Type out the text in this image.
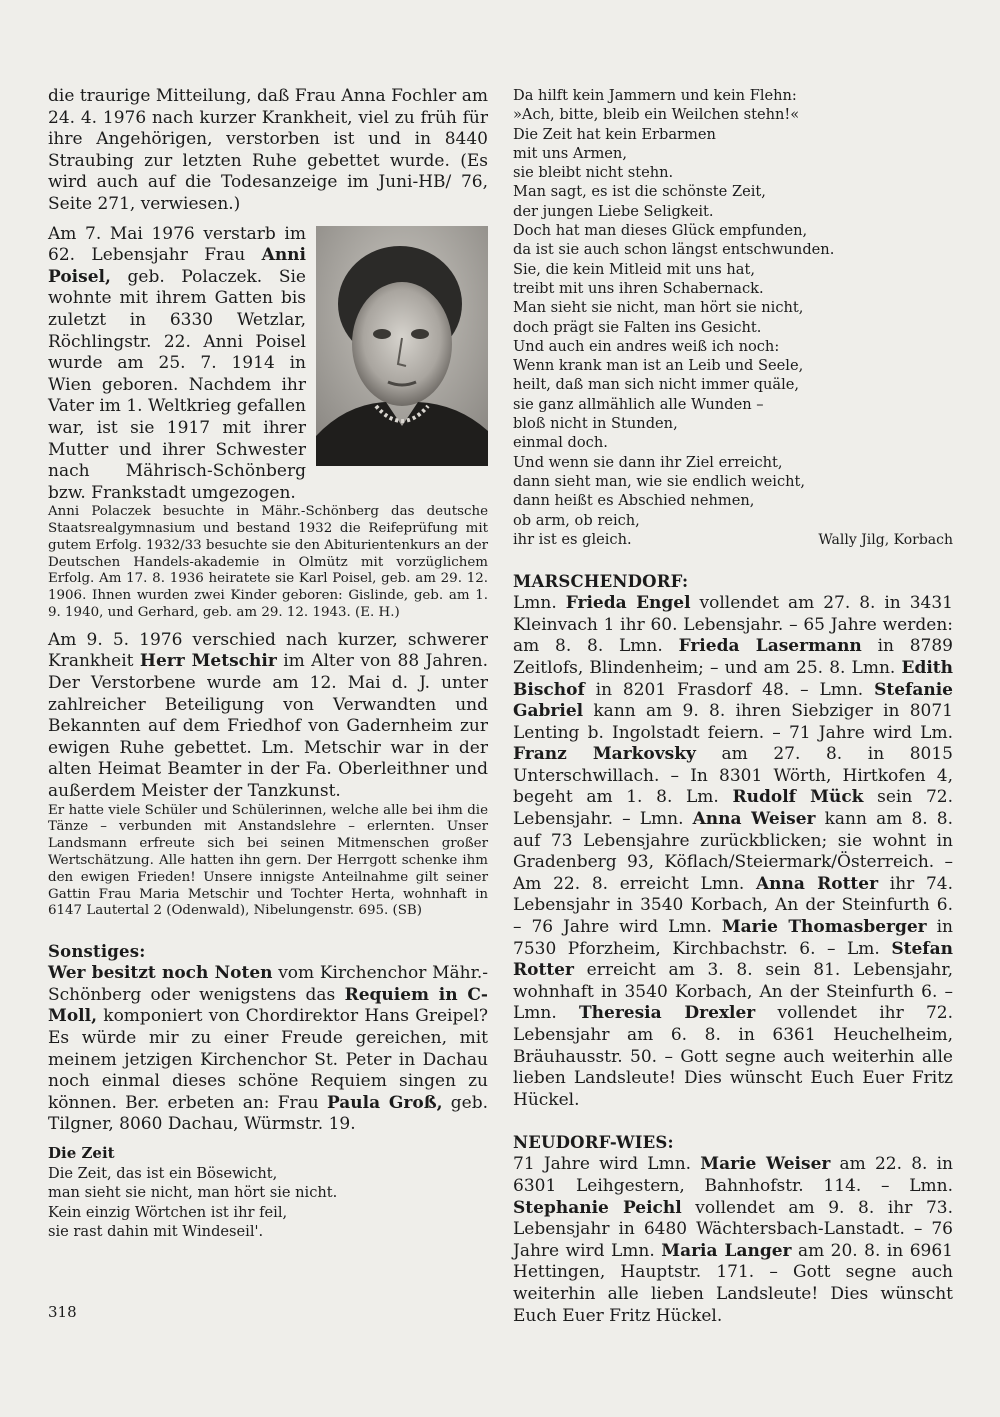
die traurige Mitteilung, daß Frau Anna Fochler am 24. 4. 1976 nach kurzer Krankheit, viel zu früh für ihre Angehörigen, verstorben ist und in 8440 Straubing zur letzten Ruhe gebettet wurde. (Es wird auch auf die Todesanzeige im Juni-HB/ 76, Seite 271, verwiesen.)

Am 7. Mai 1976 verstarb im 62. Lebensjahr Frau Anni Poisel, geb. Polaczek. Sie wohnte mit ihrem Gatten bis zuletzt in 6330 Wetzlar, Röchlingstr. 22. Anni Poisel wurde am 25. 7. 1914 in Wien geboren. Nachdem ihr Vater im 1. Weltkrieg gefallen war, ist sie 1917 mit ihrer Mutter und ihrer Schwester nach Mährisch-Schönberg bzw. Frankstadt umgezogen.

Anni Polaczek besuchte in Mähr.-Schönberg das deutsche Staatsrealgymnasium und bestand 1932 die Reifeprüfung mit gutem Erfolg. 1932/33 besuchte sie den Abiturientenkurs an der Deutschen Handels-akademie in Olmütz mit vorzüglichem Erfolg. Am 17. 8. 1936 heiratete sie Karl Poisel, geb. am 29. 12. 1906. Ihnen wurden zwei Kinder geboren: Gislinde, geb. am 1. 9. 1940, und Gerhard, geb. am 29. 12. 1943. (E. H.)

Am 9. 5. 1976 verschied nach kurzer, schwerer Krankheit Herr Metschir im Alter von 88 Jahren. Der Verstorbene wurde am 12. Mai d. J. unter zahlreicher Beteiligung von Verwandten und Bekannten auf dem Friedhof von Gadernheim zur ewigen Ruhe gebettet. Lm. Metschir war in der alten Heimat Beamter in der Fa. Oberleithner und außerdem Meister der Tanzkunst.

Er hatte viele Schüler und Schülerinnen, welche alle bei ihm die Tänze – verbunden mit Anstandslehre – erlernten. Unser Landsmann erfreute sich bei seinen Mitmenschen großer Wertschätzung. Alle hatten ihn gern. Der Herrgott schenke ihm den ewigen Frieden! Unsere innigste Anteilnahme gilt seiner Gattin Frau Maria Metschir und Tochter Herta, wohnhaft in 6147 Lautertal 2 (Odenwald), Nibelungenstr. 695. (SB)

Sonstiges:

Wer besitzt noch Noten vom Kirchenchor Mähr.-Schönberg oder wenigstens das Requiem in C-Moll, komponiert von Chordirektor Hans Greipel? Es würde mir zu einer Freude gereichen, mit meinem jetzigen Kirchenchor St. Peter in Dachau noch einmal dieses schöne Requiem singen zu können. Ber. erbeten an: Frau Paula Groß, geb. Tilgner, 8060 Dachau, Würmstr. 19.

Die Zeit

Die Zeit, das ist ein Bösewicht,
man sieht sie nicht, man hört sie nicht.
Kein einzig Wörtchen ist ihr feil,
sie rast dahin mit Windeseil'.
Da hilft kein Jammern und kein Flehn:
»Ach, bitte, bleib ein Weilchen stehn!«
Die Zeit hat kein Erbarmen
mit uns Armen,
sie bleibt nicht stehn.
Man sagt, es ist die schönste Zeit,
der jungen Liebe Seligkeit.
Doch hat man dieses Glück empfunden,
da ist sie auch schon längst entschwunden.
Sie, die kein Mitleid mit uns hat,
treibt mit uns ihren Schabernack.
Man sieht sie nicht, man hört sie nicht,
doch prägt sie Falten ins Gesicht.
Und auch ein andres weiß ich noch:
Wenn krank man ist an Leib und Seele,
heilt, daß man sich nicht immer quäle,
sie ganz allmählich alle Wunden –
bloß nicht in Stunden,
einmal doch.
Und wenn sie dann ihr Ziel erreicht,
dann sieht man, wie sie endlich weicht,
dann heißt es Abschied nehmen,
ob arm, ob reich,
ihr ist es gleich.	Wally Jilg, Korbach

MARSCHENDORF:

Lmn. Frieda Engel vollendet am 27. 8. in 3431 Kleinvach 1 ihr 60. Lebensjahr. – 65 Jahre werden: am 8. 8. Lmn. Frieda Lasermann in 8789 Zeitlofs, Blindenheim; – und am 25. 8. Lmn. Edith Bischof in 8201 Frasdorf 48. – Lmn. Stefanie Gabriel kann am 9. 8. ihren Siebziger in 8071 Lenting b. Ingolstadt feiern. – 71 Jahre wird Lm. Franz Markovsky am 27. 8. in 8015 Unterschwillach. – In 8301 Wörth, Hirtkofen 4, begeht am 1. 8. Lm. Rudolf Mück sein 72. Lebensjahr. – Lmn. Anna Weiser kann am 8. 8. auf 73 Lebensjahre zurückblicken; sie wohnt in Gradenberg 93, Köflach/Steiermark/Österreich. – Am 22. 8. erreicht Lmn. Anna Rotter ihr 74. Lebensjahr in 3540 Korbach, An der Steinfurth 6. – 76 Jahre wird Lmn. Marie Thomasberger in 7530 Pforzheim, Kirchbachstr. 6. – Lm. Stefan Rotter erreicht am 3. 8. sein 81. Lebensjahr, wohnhaft in 3540 Korbach, An der Steinfurth 6. – Lmn. Theresia Drexler vollendet ihr 72. Lebensjahr am 6. 8. in 6361 Heuchelheim, Bräuhausstr. 50. – Gott segne auch weiterhin alle lieben Landsleute! Dies wünscht Euch Euer Fritz Hückel.

NEUDORF-WIES:

71 Jahre wird Lmn. Marie Weiser am 22. 8. in 6301 Leihgestern, Bahnhofstr. 114. – Lmn. Stephanie Peichl vollendet am 9. 8. ihr 73. Lebensjahr in 6480 Wächtersbach-Lanstadt. – 76 Jahre wird Lmn. Maria Langer am 20. 8. in 6961 Hettingen, Hauptstr. 171. – Gott segne auch weiterhin alle lieben Landsleute! Dies wünscht Euch Euer Fritz Hückel.

318
